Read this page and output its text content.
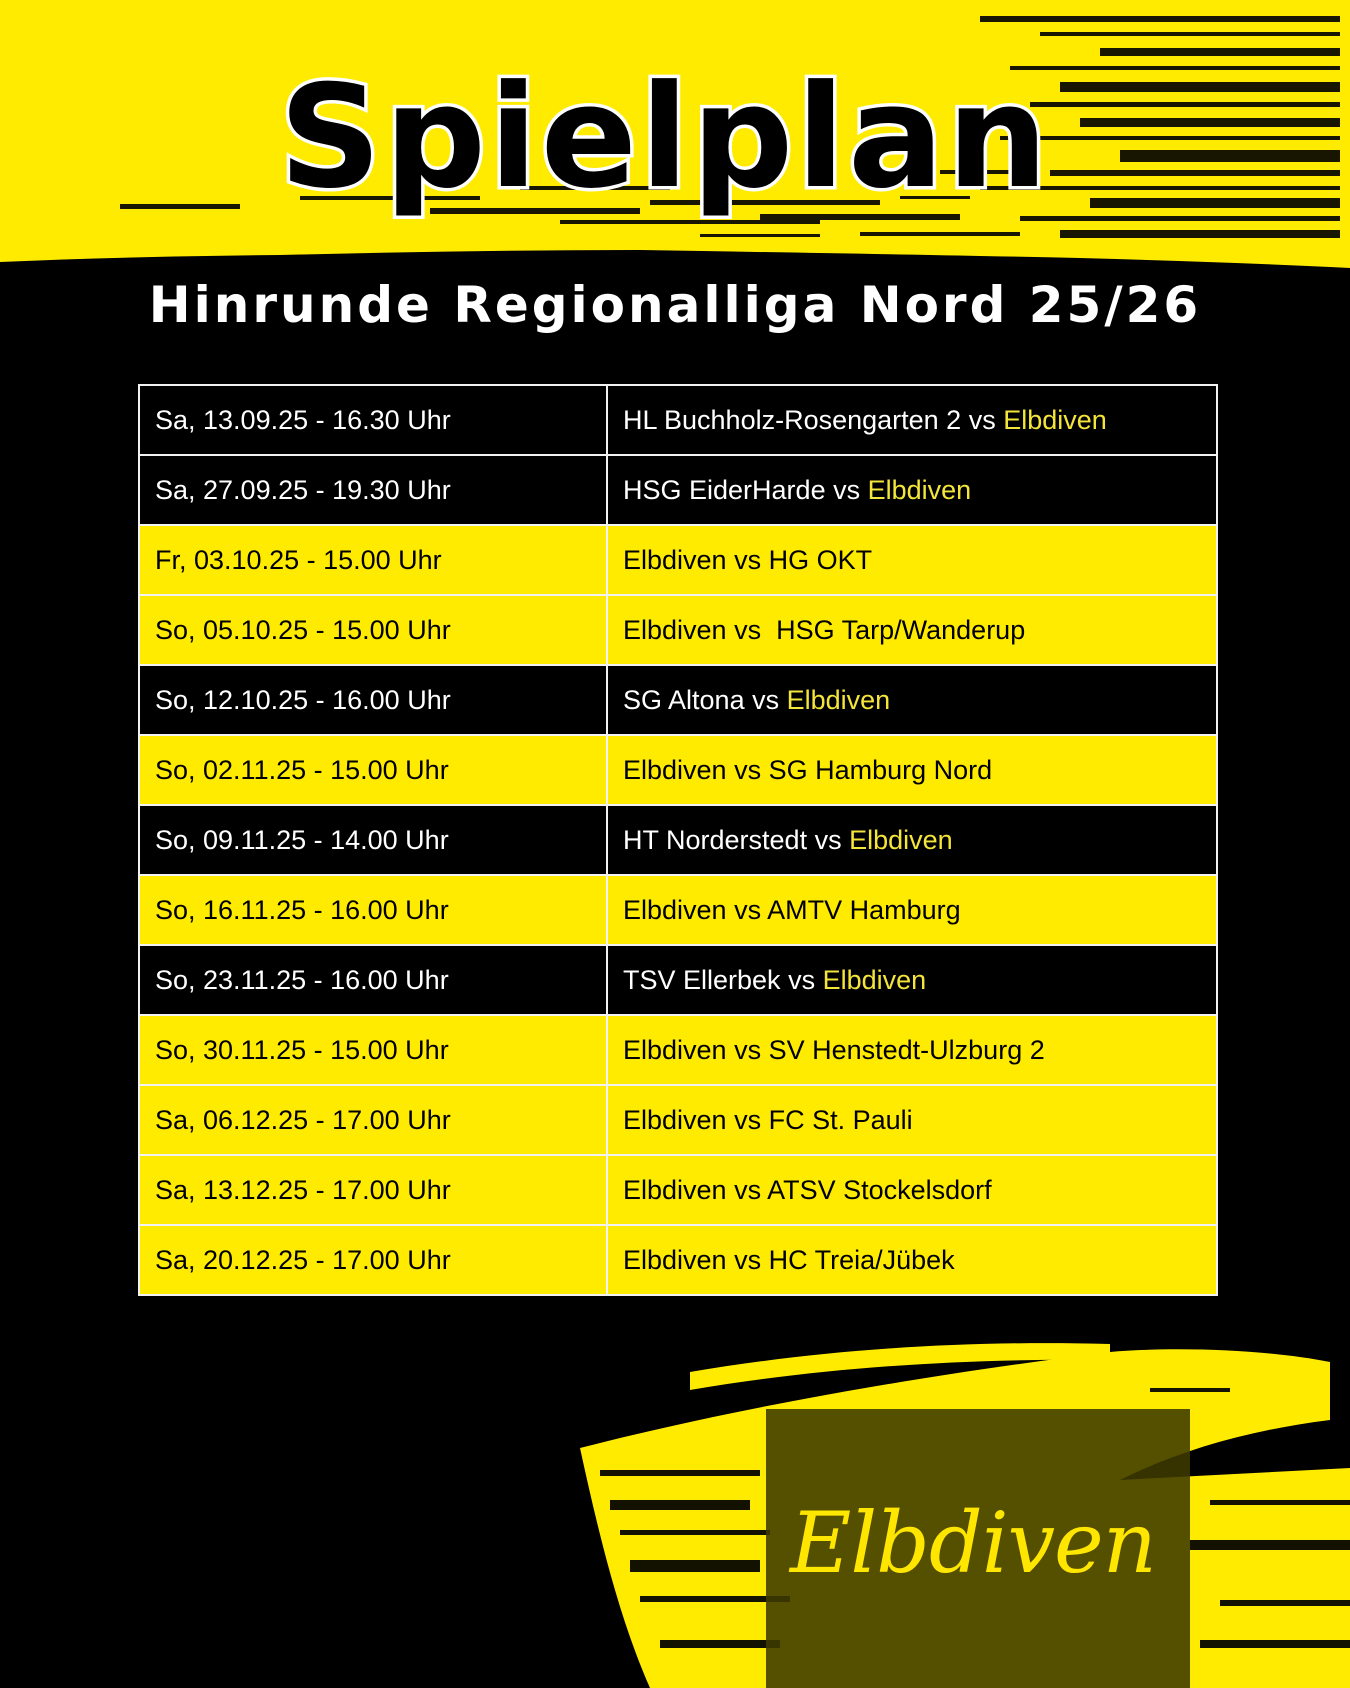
Spielplan
Hinrunde Regionalliga Nord 25/26
Sa, 13.09.25 - 16.30 Uhr	HL Buchholz-Rosengarten 2 vs Elbdiven
Sa, 27.09.25 - 19.30 Uhr	HSG EiderHarde vs Elbdiven
Fr, 03.10.25 - 15.00 Uhr	Elbdiven vs HG OKT
So, 05.10.25 - 15.00 Uhr	Elbdiven vs  HSG Tarp/Wanderup
So, 12.10.25 - 16.00 Uhr	SG Altona vs Elbdiven
So, 02.11.25 - 15.00 Uhr	Elbdiven vs SG Hamburg Nord
So, 09.11.25 - 14.00 Uhr	HT Norderstedt vs Elbdiven
So, 16.11.25 - 16.00 Uhr	Elbdiven vs AMTV Hamburg
So, 23.11.25 - 16.00 Uhr	TSV Ellerbek vs Elbdiven
So, 30.11.25 - 15.00 Uhr	Elbdiven vs SV Henstedt-Ulzburg 2
Sa, 06.12.25 - 17.00 Uhr	Elbdiven vs FC St. Pauli
Sa, 13.12.25 - 17.00 Uhr	Elbdiven vs ATSV Stockelsdorf
Sa, 20.12.25 - 17.00 Uhr	Elbdiven vs HC Treia/Jübek
Elbdiven
